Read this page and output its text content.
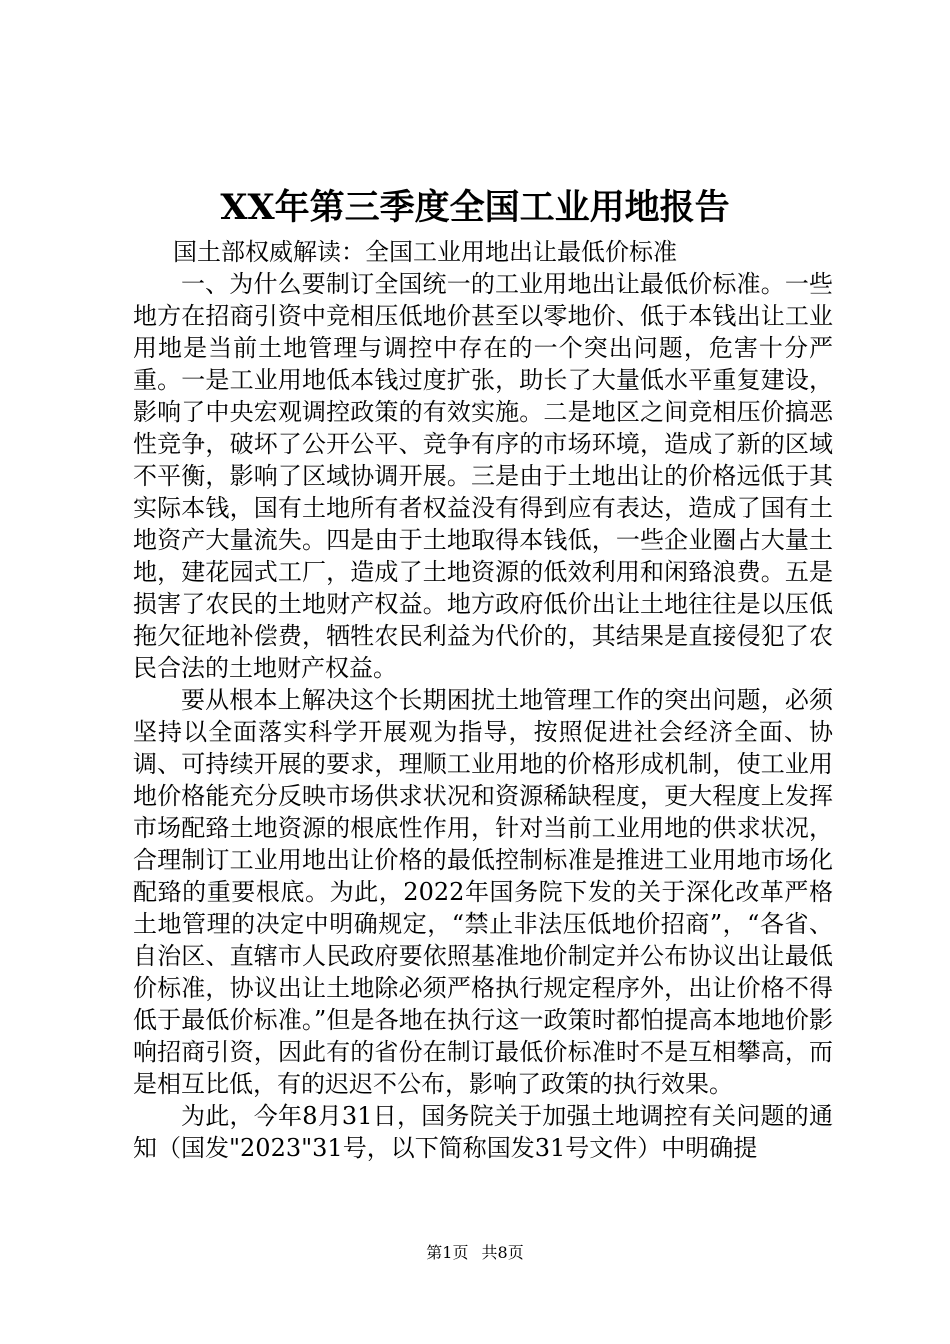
XX年第三季度全国工业用地报告

国土部权威解读：全国工业用地出让最低价标准

一、为什么要制订全国统一的工业用地出让最低价标准。一些地方在招商引资中竞相压低地价甚至以零地价、低于本钱出让工业用地是当前土地管理与调控中存在的一个突出问题，危害十分严重。一是工业用地低本钱过度扩张，助长了大量低水平重复建设，影响了中央宏观调控政策的有效实施。二是地区之间竞相压价搞恶性竞争，破坏了公开公平、竞争有序的市场环境，造成了新的区域不平衡，影响了区域协调开展。三是由于土地出让的价格远低于其实际本钱，国有土地所有者权益没有得到应有表达，造成了国有土地资产大量流失。四是由于土地取得本钱低，一些企业圈占大量土地，建花园式工厂，造成了土地资源的低效利用和闲臵浪费。五是损害了农民的土地财产权益。地方政府低价出让土地往往是以压低拖欠征地补偿费，牺牲农民利益为代价的，其结果是直接侵犯了农民合法的土地财产权益。

要从根本上解决这个长期困扰土地管理工作的突出问题，必须坚持以全面落实科学开展观为指导，按照促进社会经济全面、协调、可持续开展的要求，理顺工业用地的价格形成机制，使工业用地价格能充分反映市场供求状况和资源稀缺程度，更大程度上发挥市场配臵土地资源的根底性作用，针对当前工业用地的供求状况，合理制订工业用地出让价格的最低控制标准是推进工业用地市场化配臵的重要根底。为此，2022年国务院下发的关于深化改革严格土地管理的决定中明确规定，“禁止非法压低地价招商”，“各省、自治区、直辖市人民政府要依照基准地价制定并公布协议出让最低价标准，协议出让土地除必须严格执行规定程序外，出让价格不得低于最低价标准。”但是各地在执行这一政策时都怕提高本地地价影响招商引资，因此有的省份在制订最低价标准时不是互相攀高，而是相互比低，有的迟迟不公布，影响了政策的执行效果。

为此，今年8月31日，国务院关于加强土地调控有关问题的通知（国发"2023"31号，以下简称国发31号文件）中明确提

第1页 共8页
